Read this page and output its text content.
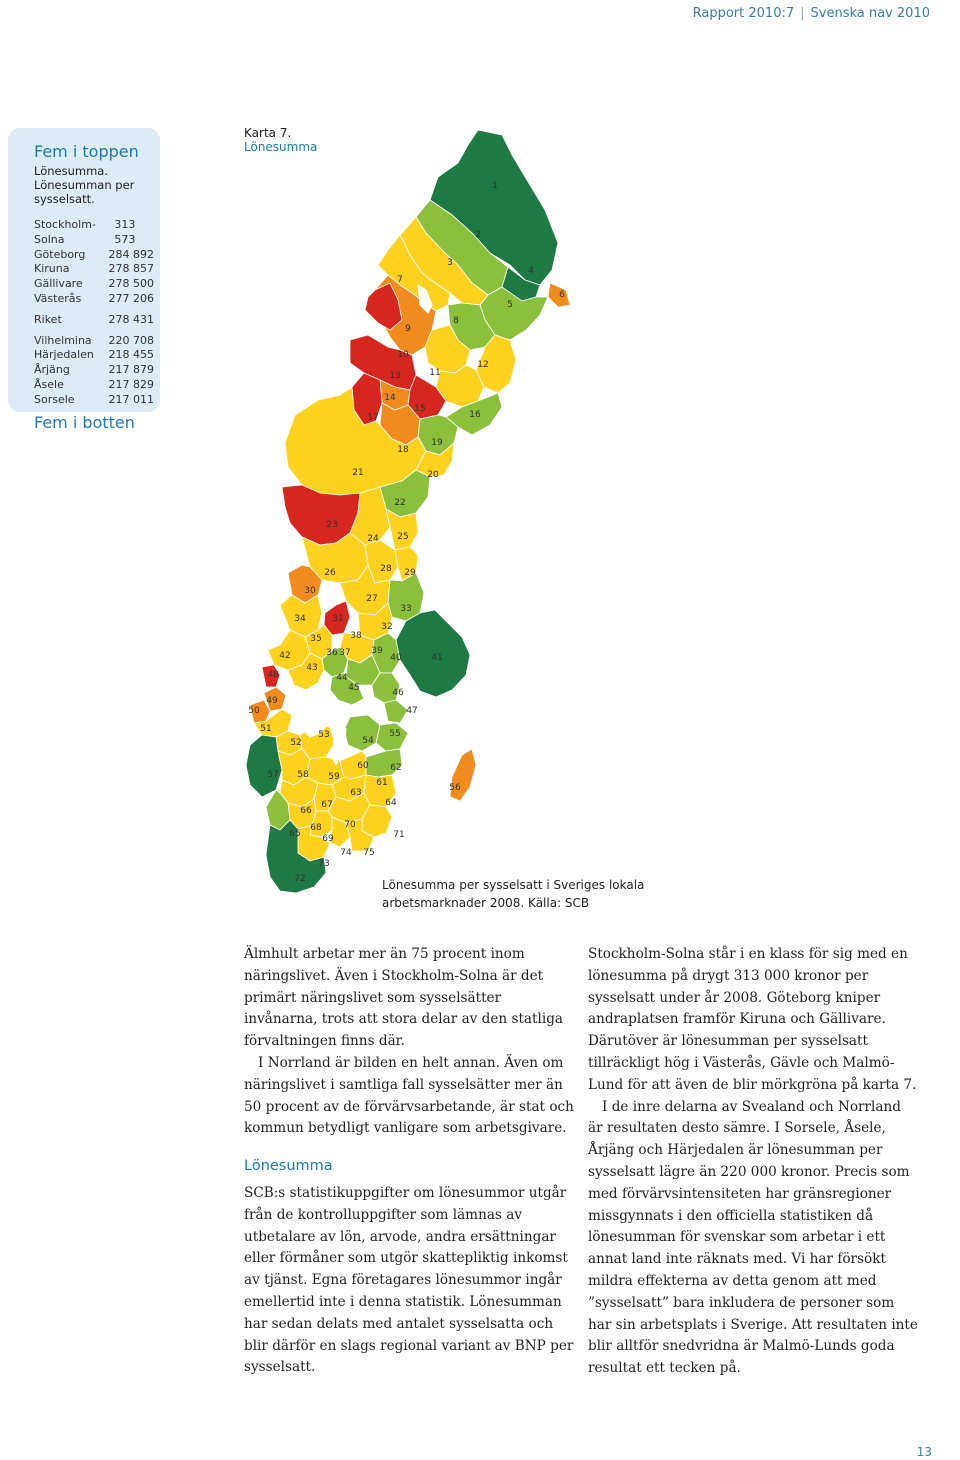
Rapport 2010:7 | Svenska nav 2010
Fem i toppen
Lönesumma. Lönesumman per sysselsatt.
Stockholm-Solna
313 573
Göteborg 284 892
Kiruna	278 857
Gällivare 278 500
Västerås 277 206
Riket	278 431
Vilhelmina 220 708
Härjedalen 218 455
Årjäng	217 879
Åsele	217 829
Sorsele	217 011
Fem i botten
Karta 7.
Lönesumma
1
2
3
4
5
6
7
8
9
10
11
12
13
14
15
16
17
18
19
20
21
22
23
24 25
26
27
28 29
30
31
32
33
34
35
36 37
38
39
40	41
42
43
44
45	46
47
48
49
50
51
52
53
54
55
56
57 58 59
60
61
62
63
64
65
66
67
68
69
70
71
72
73
74 75
Lönesumma per sysselsatt i Sveriges lokala arbetsmarknader 2008. Källa: SCB

Älmhult arbetar mer än 75 procent inom näringslivet. Även i Stockholm-Solna är det primärt näringslivet som sysselsätter invånarna, trots att stora delar av den statliga förvaltningen finns där.

I Norrland är bilden en helt annan. Även om näringslivet i samtliga fall sysselsätter mer än 50 procent av de förvärvsarbetande, är stat och kommun betydligt vanligare som arbetsgivare.

Lönesumma

SCB:s statistikuppgifter om lönesummor utgår från de kontrolluppgifter som lämnas av utbetalare av lön, arvode, andra ersättningar eller förmåner som utgör skattepliktig inkomst av tjänst. Egna företagares lönesummor ingår emellertid inte i denna statistik. Lönesumman har sedan delats med antalet sysselsatta och blir därför en slags regional variant av BNP per sysselsatt.

Stockholm-Solna står i en klass för sig med en lönesumma på drygt 313 000 kronor per sysselsatt under år 2008. Göteborg kniper andraplatsen framför Kiruna och Gällivare. Därutöver är lönesumman per sysselsatt tillräckligt hög i Västerås, Gävle och Malmö-Lund för att även de blir mörkgröna på karta 7.

I de inre delarna av Svealand och Norrland är resultaten desto sämre. I Sorsele, Åsele, Årjäng och Härjedalen är lönesumman per sysselsatt lägre än 220 000 kronor. Precis som med förvärvsintensiteten har gränsregioner missgynnats i den officiella statistiken då lönesumman för svenskar som arbetar i ett annat land inte räknats med. Vi har försökt mildra effekterna av detta genom att med ”sysselsatt” bara inkludera de personer som har sin arbetsplats i Sverige. Att resultaten inte blir alltför snedvridna är Malmö-Lunds goda resultat ett tecken på.

13
